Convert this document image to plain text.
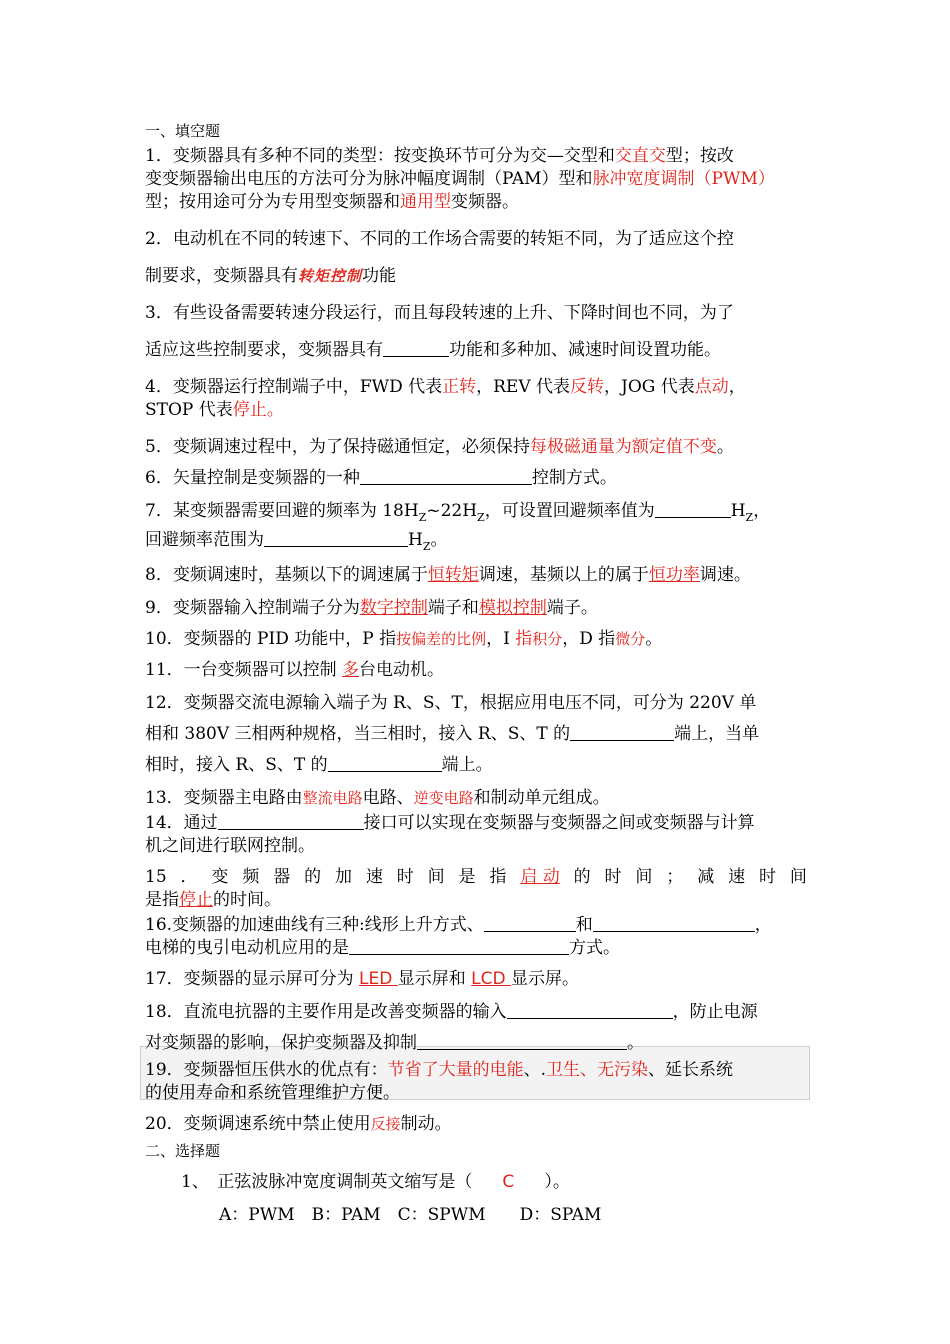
一、填空题
1．变频器具有多种不同的类型：按变换环节可分为交—交型和交直交型；按改
变变频器输出电压的方法可分为脉冲幅度调制（PAM）型和脉冲宽度调制（PWM）
型；按用途可分为专用型变频器和通用型变频器。
2．电动机在不同的转速下、不同的工作场合需要的转矩不同，为了适应这个控
制要求，变频器具有转矩控制功能
3．有些设备需要转速分段运行，而且每段转速的上升、下降时间也不同，为了
适应这些控制要求，变频器具有	功能和多种加、减速时间设置功能。
4．变频器运行控制端子中，FWD 代表正转，REV 代表反转，JOG 代表点动，
STOP 代表停止。
5．变频调速过程中，为了保持磁通恒定，必须保持每极磁通量为额定值不变。
6．矢量控制是变频器的一种	控制方式。
7．某变频器需要回避的频率为 $18H_Z\sim 22H_Z$，可设置回避频率值为	$H_Z$，
回避频率范围为	$H_Z$。
8．变频调速时，基频以下的调速属于恒转矩调速，基频以上的属于恒功率调速。
9．变频器输入控制端子分为数字控制端子和模拟控制端子。
10．变频器的 PID 功能中，P 指按偏差的比例，I 指积分，D 指微分。
11．一台变频器可以控制 多台电动机。
12．变频器交流电源输入端子为 R、S、T，根据应用电压不同，可分为 220V 单
相和 380V 三相两种规格，当三相时，接入 R、S、T 的	端上，当单
相时，接入 R、S、T 的	端上。
13．变频器主电路由整流电路电路、逆变电路和制动单元组成。
14．通过	接口可以实现在变频器与变频器之间或变频器与计算
机之间进行联网控制。
15 ． 变 频 器 的 加 速 时 间 是 指 启 动 的 时 间 ； 减 速 时 间
是指停止的时间。
16.变频器的加速曲线有三种:线形上升方式、	和	，
电梯的曳引电动机应用的是	方式。
17．变频器的显示屏可分为 LED 显示屏和 LCD 显示屏。
18．直流电抗器的主要作用是改善变频器的输入	，防止电源
对变频器的影响，保护变频器及抑制	。
19．变频器恒压供水的优点有：节省了大量的电能、.卫生、无污染、延长系统
的使用寿命和系统管理维护方便。
20．变频调速系统中禁止使用反接制动。
二、选择题
1、　正弦波脉冲宽度调制英文缩写是（ C ）。
A：PWM　B：PAM　C：SPWM　　D：SPAM
